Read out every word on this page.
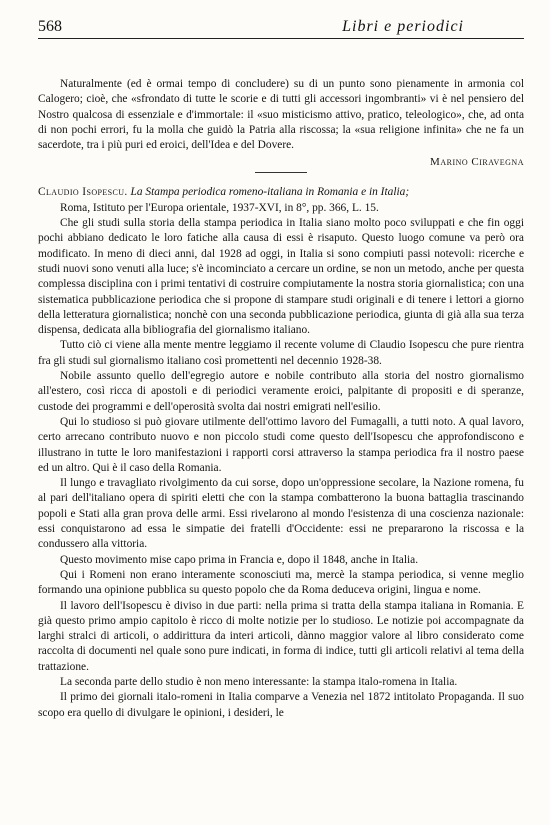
568	Libri e periodici

Naturalmente (ed è ormai tempo di concludere) su di un punto sono pienamente in armonia col Calogero; cioè, che «sfrondato di tutte le scorie e di tutti gli accessori ingombranti» vi è nel pensiero del Nostro qualcosa di essenziale e d'immortale: il «suo misticismo attivo, pratico, teleologico», che, ad onta di non pochi errori, fu la molla che guidò la Patria alla riscossa; la «sua religione infinita» che ne fa un sacerdote, tra i più puri ed eroici, dell'Idea e del Dovere.

Marino Ciravegna
Claudio Isopescu. La Stampa periodica romeno-italiana in Romania e in Italia;
Roma, Istituto per l'Europa orientale, 1937-XVI, in 8°, pp. 366, L. 15.

Che gli studi sulla storia della stampa periodica in Italia siano molto poco sviluppati e che fin oggi pochi abbiano dedicato le loro fatiche alla causa di essi è risaputo. Questo luogo comune va però ora modificato. In meno di dieci anni, dal 1928 ad oggi, in Italia si sono compiuti passi notevoli: ricerche e studi nuovi sono venuti alla luce; s'è incominciato a cercare un ordine, se non un metodo, anche per questa complessa disciplina con i primi tentativi di costruire compiutamente la nostra storia giornalistica; con una sistematica pubblicazione periodica che si propone di stampare studi originali e di tenere i lettori a giorno della letteratura giornalistica; nonchè con una seconda pubblicazione periodica, giunta di già alla sua terza dispensa, dedicata alla bibliografia del giornalismo italiano.

Tutto ciò ci viene alla mente mentre leggiamo il recente volume di Claudio Isopescu che pure rientra fra gli studi sul giornalismo italiano così promettenti nel decennio 1928-38.

Nobile assunto quello dell'egregio autore e nobile contributo alla storia del nostro giornalismo all'estero, così ricca di apostoli e di periodici veramente eroici, palpitante di propositi e di speranze, custode dei programmi e dell'operosità svolta dai nostri emigrati nell'esilio.

Qui lo studioso si può giovare utilmente dell'ottimo lavoro del Fumagalli, a tutti noto. A qual lavoro, certo arrecano contributo nuovo e non piccolo studi come questo dell'Isopescu che approfondiscono e illustrano in tutte le loro manifestazioni i rapporti corsi attraverso la stampa periodica fra il nostro paese ed un altro. Qui è il caso della Romania.

Il lungo e travagliato rivolgimento da cui sorse, dopo un'oppressione secolare, la Nazione romena, fu al pari dell'italiano opera di spiriti eletti che con la stampa combatterono la buona battaglia trascinando popoli e Stati alla gran prova delle armi. Essi rivelarono al mondo l'esistenza di una coscienza nazionale: essi conquistarono ad essa le simpatie dei fratelli d'Occidente: essi ne prepararono la riscossa e la condussero alla vittoria.

Questo movimento mise capo prima in Francia e, dopo il 1848, anche in Italia.

Qui i Romeni non erano interamente sconosciuti ma, mercè la stampa periodica, si venne meglio formando una opinione pubblica su questo popolo che da Roma deduceva origini, lingua e nome.

Il lavoro dell'Isopescu è diviso in due parti: nella prima si tratta della stampa italiana in Romania. E già questo primo ampio capitolo è ricco di molte notizie per lo studioso. Le notizie poi accompagnate da larghi stralci di articoli, o addirittura da interi articoli, dànno maggior valore al libro considerato come raccolta di documenti nel quale sono pure indicati, in forma di indice, tutti gli articoli relativi al tema della trattazione.

La seconda parte dello studio è non meno interessante: la stampa italo-romena in Italia.

Il primo dei giornali italo-romeni in Italia comparve a Venezia nel 1872 intitolato Propaganda. Il suo scopo era quello di divulgare le opinioni, i desideri, le
